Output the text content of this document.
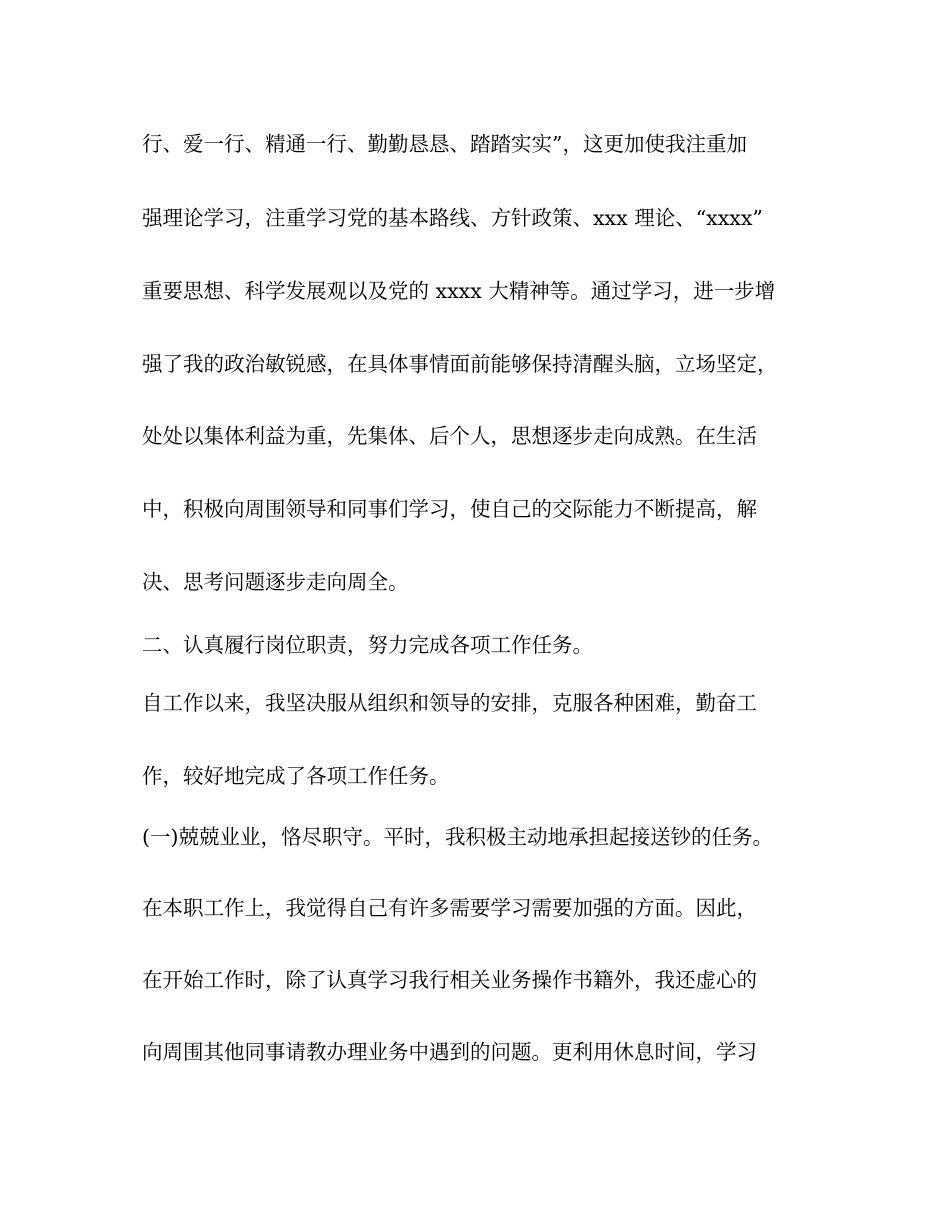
行、爱一行、精通一行、勤勤恳恳、踏踏实实”，这更加使我注重加

强理论学习，注重学习党的基本路线、方针政策、xxx 理论、“xxxx”

重要思想、科学发展观以及党的 xxxx 大精神等。通过学习，进一步增

强了我的政治敏锐感，在具体事情面前能够保持清醒头脑，立场坚定，

处处以集体利益为重，先集体、后个人，思想逐步走向成熟。在生活

中，积极向周围领导和同事们学习，使自己的交际能力不断提高，解

决、思考问题逐步走向周全。

二、认真履行岗位职责，努力完成各项工作任务。

自工作以来，我坚决服从组织和领导的安排，克服各种困难，勤奋工

作，较好地完成了各项工作任务。

(一)兢兢业业，恪尽职守。平时，我积极主动地承担起接送钞的任务。

在本职工作上，我觉得自己有许多需要学习需要加强的方面。因此，

在开始工作时，除了认真学习我行相关业务操作书籍外，我还虚心的

向周围其他同事请教办理业务中遇到的问题。更利用休息时间，学习
